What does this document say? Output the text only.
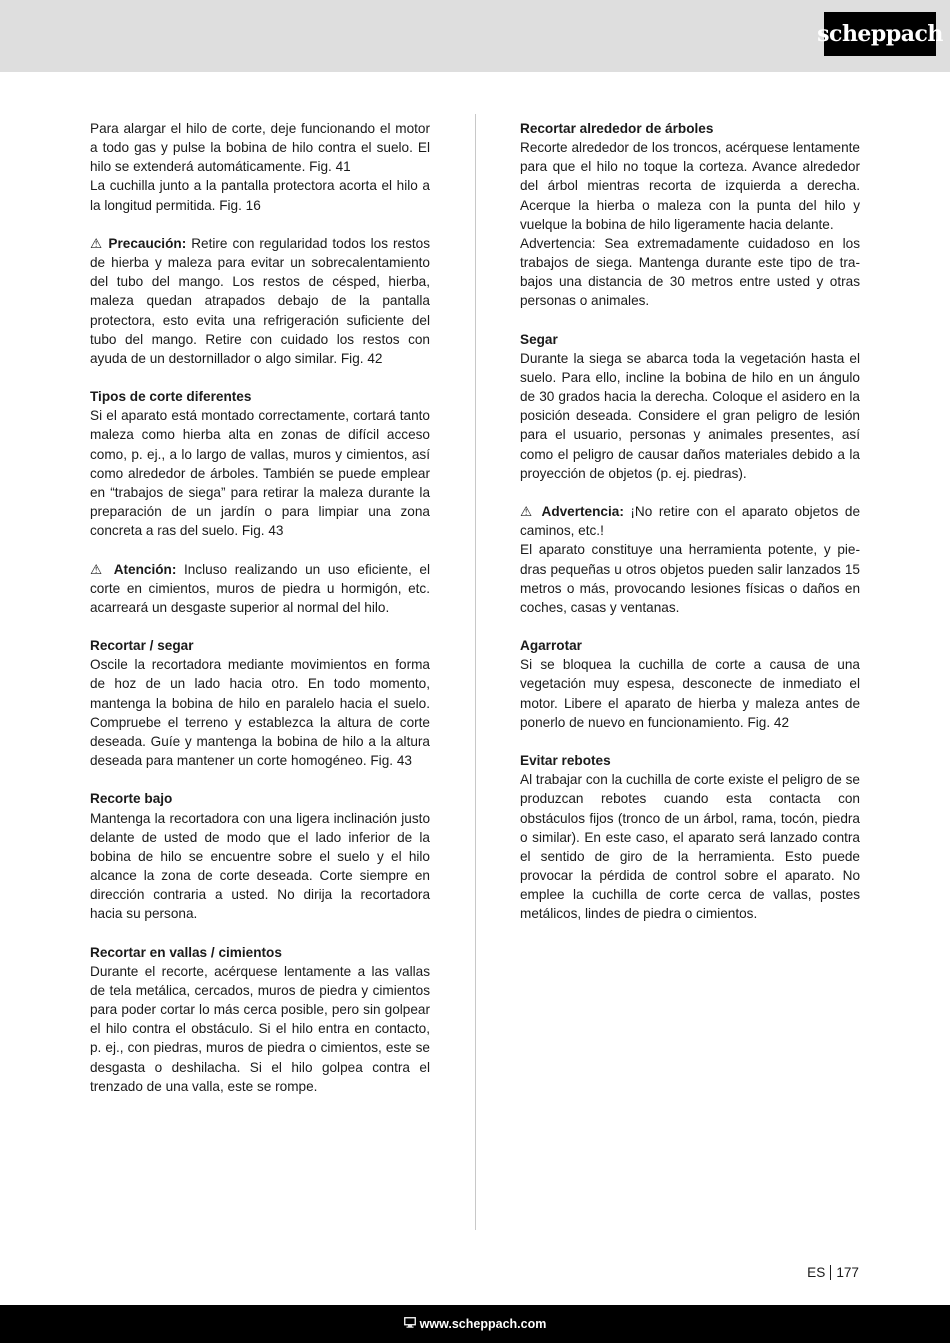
scheppach

Para alargar el hilo de corte, deje funcionando el motor a todo gas y pulse la bobina de hilo contra el suelo. El hilo se extenderá automáticamente. Fig. 41

La cuchilla junto a la pantalla protectora acorta el hilo a la longitud permitida. Fig. 16

⚠ Precaución: Retire con regularidad todos los restos de hierba y maleza para evitar un sobrecalentamiento del tubo del mango. Los restos de césped, hierba, maleza quedan atrapados debajo de la pantalla protectora, esto evita una refrigeración suficiente del tubo del mango. Retire con cuidado los restos con ayuda de un destornillador o algo similar. Fig. 42

Tipos de corte diferentes

Si el aparato está montado correctamente, cortará tanto maleza como hierba alta en zonas de difícil acceso como, p. ej., a lo largo de vallas, muros y cimientos, así como alrededor de árboles. También se puede emplear en “trabajos de siega” para retirar la maleza durante la preparación de un jardín o para limpiar una zona concreta a ras del suelo. Fig. 43

⚠ Atención: Incluso realizando un uso eficiente, el corte en cimientos, muros de piedra u hormigón, etc. acarreará un desgaste superior al normal del hilo.

Recortar / segar

Oscile la recortadora mediante movimientos en forma de hoz de un lado hacia otro. En todo momento, mantenga la bobina de hilo en paralelo hacia el suelo. Compruebe el terreno y establezca la altura de corte deseada. Guíe y mantenga la bobina de hilo a la altura deseada para mantener un corte homogéneo. Fig. 43

Recorte bajo

Mantenga la recortadora con una ligera inclinación justo delante de usted de modo que el lado inferior de la bobina de hilo se encuentre sobre el suelo y el hilo alcance la zona de corte deseada. Corte siempre en dirección contraria a usted. No dirija la recortadora hacia su persona.

Recortar en vallas / cimientos

Durante el recorte, acérquese lentamente a las vallas de tela metálica, cercados, muros de piedra y cimientos para poder cortar lo más cerca posible, pero sin golpear el hilo contra el obstáculo. Si el hilo entra en contacto, p. ej., con piedras, muros de piedra o cimientos, este se desgasta o deshilacha. Si el hilo golpea contra el trenzado de una valla, este se rompe.

Recortar alrededor de árboles

Recorte alrededor de los troncos, acérquese lentamente para que el hilo no toque la corteza. Avance alrededor del árbol mientras recorta de izquierda a derecha. Acerque la hierba o maleza con la punta del hilo y vuelque la bobina de hilo ligeramente hacia delante.

Advertencia: Sea extremadamente cuidadoso en los trabajos de siega. Mantenga durante este tipo de trabajos una distancia de 30 metros entre usted y otras personas o animales.

Segar

Durante la siega se abarca toda la vegetación hasta el suelo. Para ello, incline la bobina de hilo en un ángulo de 30 grados hacia la derecha. Coloque el asidero en la posición deseada. Considere el gran peligro de lesión para el usuario, personas y animales presentes, así como el peligro de causar daños materiales debido a la proyección de objetos (p. ej. piedras).

⚠ Advertencia: ¡No retire con el aparato objetos de caminos, etc.!

El aparato constituye una herramienta potente, y piedras pequeñas u otros objetos pueden salir lanzados 15 metros o más, provocando lesiones físicas o daños en coches, casas y ventanas.

Agarrotar

Si se bloquea la cuchilla de corte a causa de una vegetación muy espesa, desconecte de inmediato el motor. Libere el aparato de hierba y maleza antes de ponerlo de nuevo en funcionamiento. Fig. 42

Evitar rebotes

Al trabajar con la cuchilla de corte existe el peligro de se produzcan rebotes cuando esta contacta con obstáculos fijos (tronco de un árbol, rama, tocón, piedra o similar). En este caso, el aparato será lanzado contra el sentido de giro de la herramienta. Esto puede provocar la pérdida de control sobre el aparato. No emplee la cuchilla de corte cerca de vallas, postes metálicos, lindes de piedra o cimientos.

ES 177
www.scheppach.com
